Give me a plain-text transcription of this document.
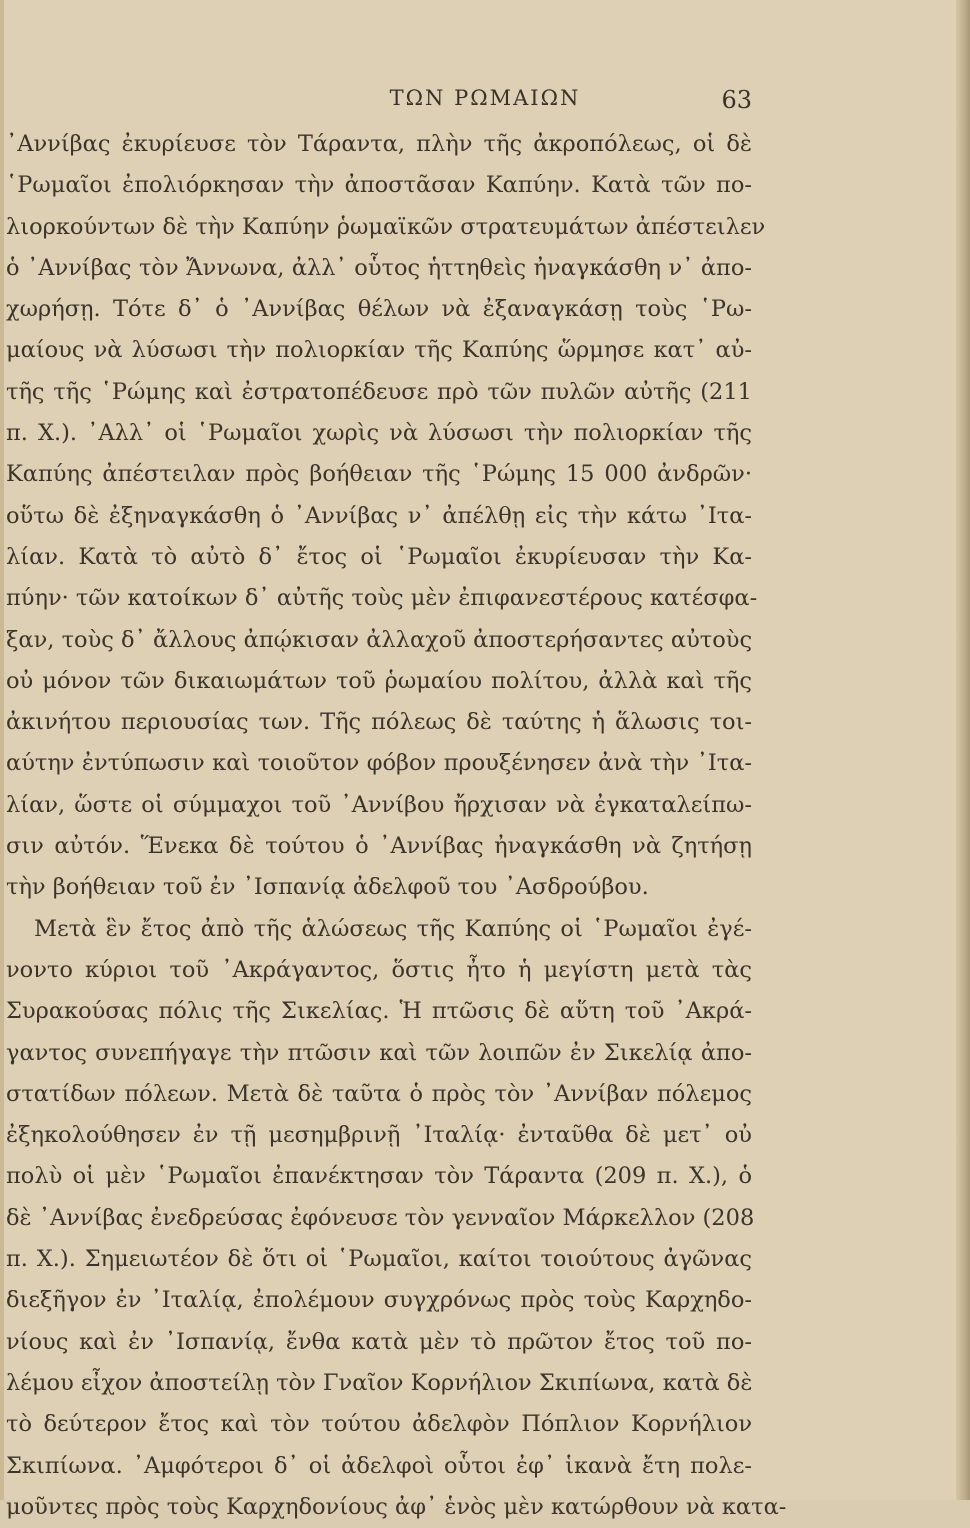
ΤΩΝ ΡΩΜΑΙΩΝ	63
᾿Αννίβας ἐκυρίευσε τὸν Τάραντα, πλὴν τῆς ἀκροπόλεως, οἱ δὲ
῾Ρωμαῖοι ἐπολιόρκησαν τὴν ἀποστᾶσαν Καπύην. Κατὰ τῶν πο-
λιορκούντων δὲ τὴν Καπύην ῥωμαϊκῶν στρατευμάτων ἀπέστειλεν
ὁ ᾿Αννίβας τὸν Ἄννωνα, ἀλλ᾿ οὗτος ἡττηθεὶς ἠναγκάσθη ν᾿ ἀπο-
χωρήσῃ. Τότε δ᾿ ὁ ᾿Αννίβας θέλων νὰ ἐξαναγκάσῃ τοὺς ῾Ρω-
μαίους νὰ λύσωσι τὴν πολιορκίαν τῆς Καπύης ὥρμησε κατ᾿ αὐ-
τῆς τῆς ῾Ρώμης καὶ ἐστρατοπέδευσε πρὸ τῶν πυλῶν αὐτῆς (211
π. Χ.). ᾿Αλλ᾿ οἱ ῾Ρωμαῖοι χωρὶς νὰ λύσωσι τὴν πολιορκίαν τῆς
Καπύης ἀπέστειλαν πρὸς βοήθειαν τῆς ῾Ρώμης 15 000 ἀνδρῶν·
οὕτω δὲ ἐξηναγκάσθη ὁ ᾿Αννίβας ν᾿ ἀπέλθῃ εἰς τὴν κάτω ᾿Ιτα-
λίαν. Κατὰ τὸ αὐτὸ δ᾿ ἔτος οἱ ῾Ρωμαῖοι ἐκυρίευσαν τὴν Κα-
πύην· τῶν κατοίκων δ᾿ αὐτῆς τοὺς μὲν ἐπιφανεστέρους κατέσφα-
ξαν, τοὺς δ᾿ ἄλλους ἀπῴκισαν ἀλλαχοῦ ἀποστερήσαντες αὐτοὺς
οὐ μόνον τῶν δικαιωμάτων τοῦ ῥωμαίου πολίτου, ἀλλὰ καὶ τῆς
ἀκινήτου περιουσίας των. Τῆς πόλεως δὲ ταύτης ἡ ἅλωσις τοι-
αύτην ἐντύπωσιν καὶ τοιοῦτον φόβον προυξένησεν ἀνὰ τὴν ᾿Ιτα-
λίαν, ὥστε οἱ σύμμαχοι τοῦ ᾿Αννίβου ἤρχισαν νὰ ἐγκαταλείπω-
σιν αὐτόν. Ἕνεκα δὲ τούτου ὁ ᾿Αννίβας ἠναγκάσθη νὰ ζητήσῃ
τὴν βοήθειαν τοῦ ἐν ᾿Ισπανίᾳ ἀδελφοῦ του ᾿Ασδρούβου.
Μετὰ ἓν ἔτος ἀπὸ τῆς ἁλώσεως τῆς Καπύης οἱ ῾Ρωμαῖοι ἐγέ-
νοντο κύριοι τοῦ ᾿Ακράγαντος, ὅστις ἦτο ἡ μεγίστη μετὰ τὰς
Συρακούσας πόλις τῆς Σικελίας. Ἡ πτῶσις δὲ αὕτη τοῦ ᾿Ακρά-
γαντος συνεπήγαγε τὴν πτῶσιν καὶ τῶν λοιπῶν ἐν Σικελίᾳ ἀπο-
στατίδων πόλεων. Μετὰ δὲ ταῦτα ὁ πρὸς τὸν ᾿Αννίβαν πόλεμος
ἐξηκολούθησεν ἐν τῇ μεσημβρινῇ ᾿Ιταλίᾳ· ἐνταῦθα δὲ μετ᾿ οὐ
πολὺ οἱ μὲν ῾Ρωμαῖοι ἐπανέκτησαν τὸν Τάραντα (209 π. Χ.), ὁ
δὲ ᾿Αννίβας ἐνεδρεύσας ἐφόνευσε τὸν γενναῖον Μάρκελλον (208
π. Χ.). Σημειωτέον δὲ ὅτι οἱ ῾Ρωμαῖοι, καίτοι τοιούτους ἀγῶνας
διεξῆγον ἐν ᾿Ιταλίᾳ, ἐπολέμουν συγχρόνως πρὸς τοὺς Καρχηδο-
νίους καὶ ἐν ᾿Ισπανίᾳ, ἔνθα κατὰ μὲν τὸ πρῶτον ἔτος τοῦ πο-
λέμου εἶχον ἀποστείλῃ τὸν Γναῖον Κορνήλιον Σκιπίωνα, κατὰ δὲ
τὸ δεύτερον ἔτος καὶ τὸν τούτου ἀδελφὸν Πόπλιον Κορνήλιον
Σκιπίωνα. ᾿Αμφότεροι δ᾿ οἱ ἀδελφοὶ οὗτοι ἐφ᾿ ἱκανὰ ἔτη πολε-
μοῦντες πρὸς τοὺς Καρχηδονίους ἀφ᾿ ἑνὸς μὲν κατώρθουν νὰ κατα-
